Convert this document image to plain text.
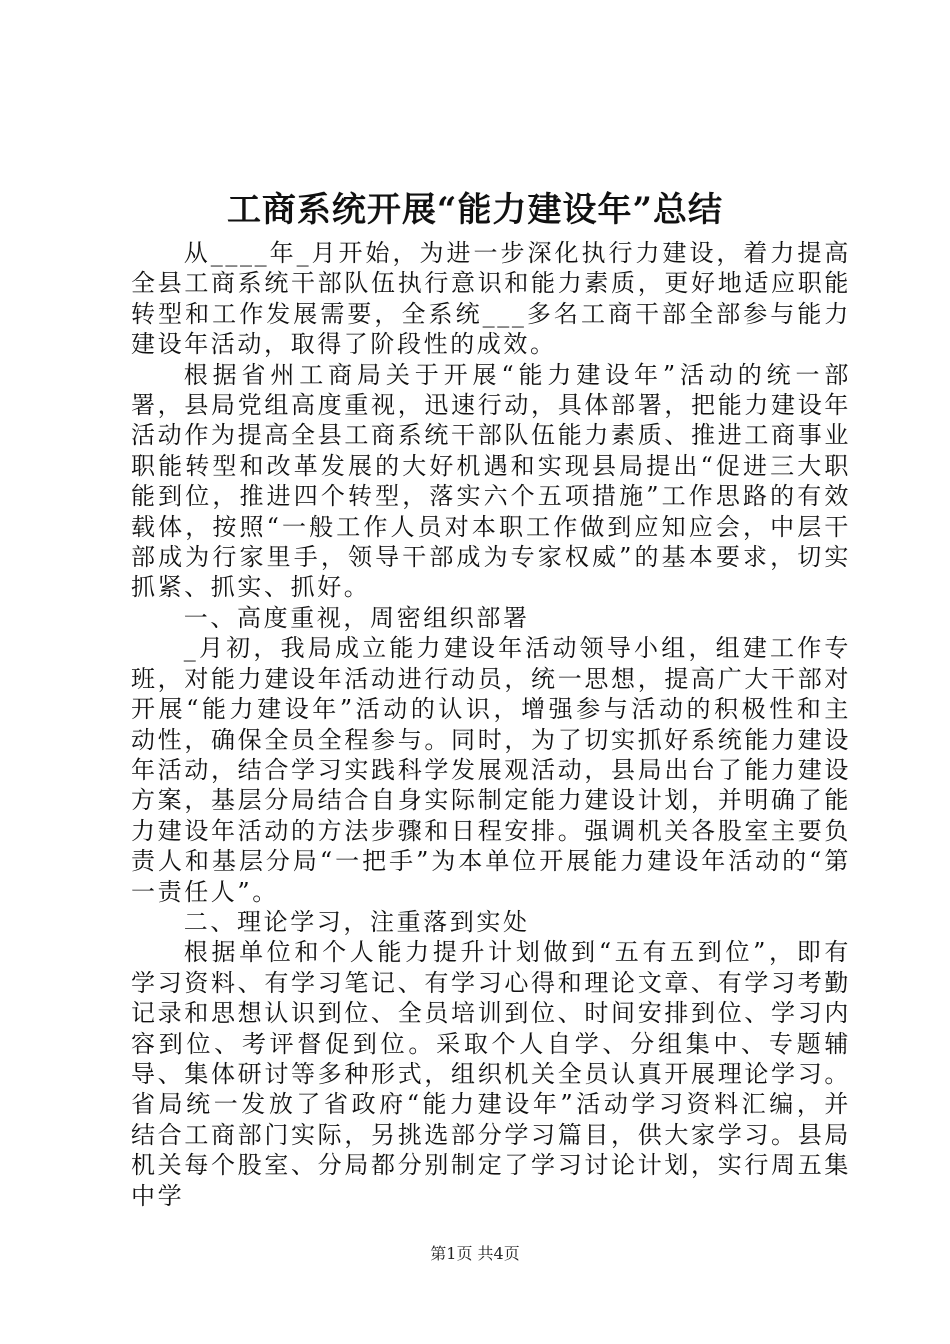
工商系统开展“能力建设年”总结

从____年_月开始，为进一步深化执行力建设，着力提高全县工商系统干部队伍执行意识和能力素质，更好地适应职能转型和工作发展需要，全系统___多名工商干部全部参与能力建设年活动，取得了阶段性的成效。

根据省州工商局关于开展“能力建设年”活动的统一部署，县局党组高度重视，迅速行动，具体部署，把能力建设年活动作为提高全县工商系统干部队伍能力素质、推进工商事业职能转型和改革发展的大好机遇和实现县局提出“促进三大职能到位，推进四个转型，落实六个五项措施”工作思路的有效载体，按照“一般工作人员对本职工作做到应知应会，中层干部成为行家里手，领导干部成为专家权威”的基本要求，切实抓紧、抓实、抓好。

一、高度重视，周密组织部署

_月初，我局成立能力建设年活动领导小组，组建工作专班，对能力建设年活动进行动员，统一思想，提高广大干部对开展“能力建设年”活动的认识，增强参与活动的积极性和主动性，确保全员全程参与。同时，为了切实抓好系统能力建设年活动，结合学习实践科学发展观活动，县局出台了能力建设方案，基层分局结合自身实际制定能力建设计划，并明确了能力建设年活动的方法步骤和日程安排。强调机关各股室主要负责人和基层分局“一把手”为本单位开展能力建设年活动的“第一责任人”。

二、理论学习，注重落到实处

根据单位和个人能力提升计划做到“五有五到位”，即有学习资料、有学习笔记、有学习心得和理论文章、有学习考勤记录和思想认识到位、全员培训到位、时间安排到位、学习内容到位、考评督促到位。采取个人自学、分组集中、专题辅导、集体研讨等多种形式，组织机关全员认真开展理论学习。省局统一发放了省政府“能力建设年”活动学习资料汇编，并结合工商部门实际，另挑选部分学习篇目，供大家学习。县局机关每个股室、分局都分别制定了学习讨论计划，实行周五集中学

第1页 共4页
